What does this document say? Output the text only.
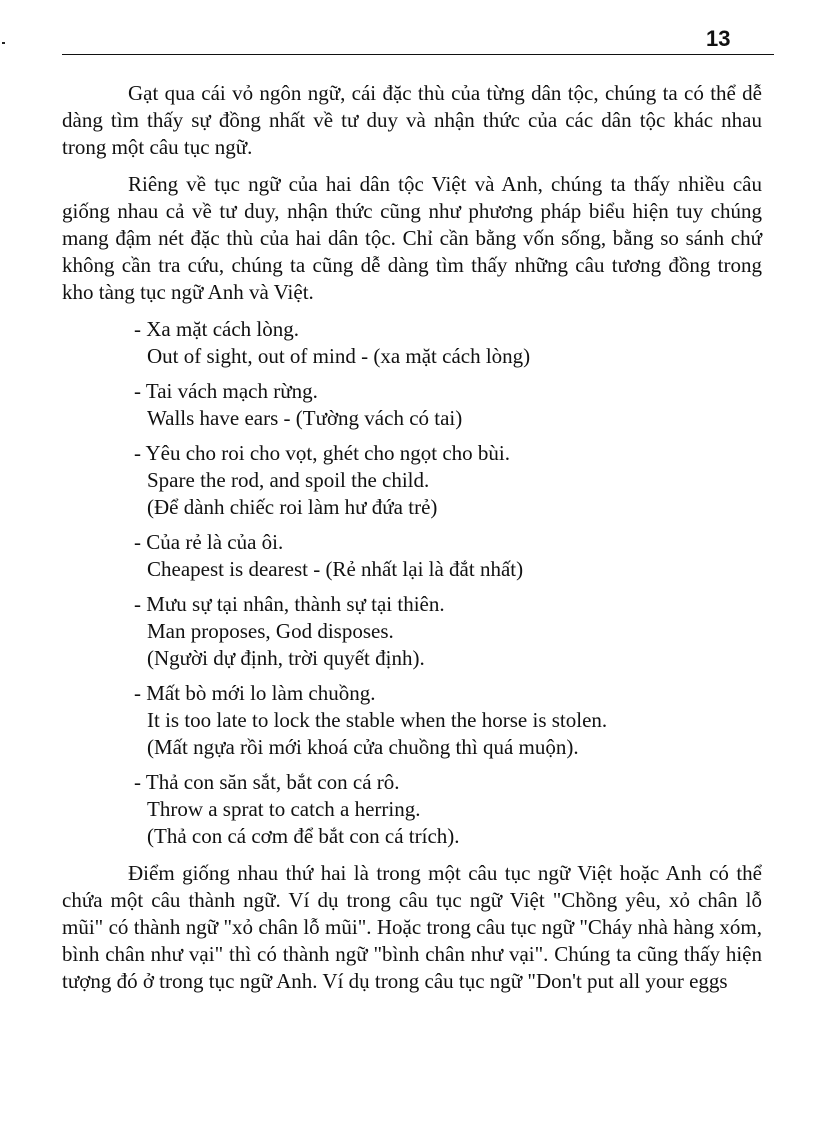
13

Gạt qua cái vỏ ngôn ngữ, cái đặc thù của từng dân tộc, chúng ta có thể dễ dàng tìm thấy sự đồng nhất về tư duy và nhận thức của các dân tộc khác nhau trong một câu tục ngữ.

Riêng về tục ngữ của hai dân tộc Việt và Anh, chúng ta thấy nhiều câu giống nhau cả về tư duy, nhận thức cũng như phương pháp biểu hiện tuy chúng mang đậm nét đặc thù của hai dân tộc. Chỉ cần bằng vốn sống, bằng so sánh chứ không cần tra cứu, chúng ta cũng dễ dàng tìm thấy những câu tương đồng trong kho tàng tục ngữ Anh và Việt.

- Xa mặt cách lòng.
Out of sight, out of mind - (xa mặt cách lòng)
- Tai vách mạch rừng.
Walls have ears - (Tường vách có tai)
- Yêu cho roi cho vọt, ghét cho ngọt cho bùi.
Spare the rod, and spoil the child.
(Để dành chiếc roi làm hư đứa trẻ)
- Của rẻ là của ôi.
Cheapest is dearest - (Rẻ nhất lại là đắt nhất)
- Mưu sự tại nhân, thành sự tại thiên.
Man proposes, God disposes.
(Người dự định, trời quyết định).
- Mất bò mới lo làm chuồng.
It is too late to lock the stable when the horse is stolen.
(Mất ngựa rồi mới khoá cửa chuồng thì quá muộn).
- Thả con săn sắt, bắt con cá rô.
Throw a sprat to catch a herring.
(Thả con cá cơm để bắt con cá trích).

Điểm giống nhau thứ hai là trong một câu tục ngữ Việt hoặc Anh có thể chứa một câu thành ngữ. Ví dụ trong câu tục ngữ Việt "Chồng yêu, xỏ chân lỗ mũi" có thành ngữ "xỏ chân lỗ mũi". Hoặc trong câu tục ngữ "Cháy nhà hàng xóm, bình chân như vại" thì có thành ngữ "bình chân như vại". Chúng ta cũng thấy hiện tượng đó ở trong tục ngữ Anh. Ví dụ trong câu tục ngữ "Don't put all your eggs
